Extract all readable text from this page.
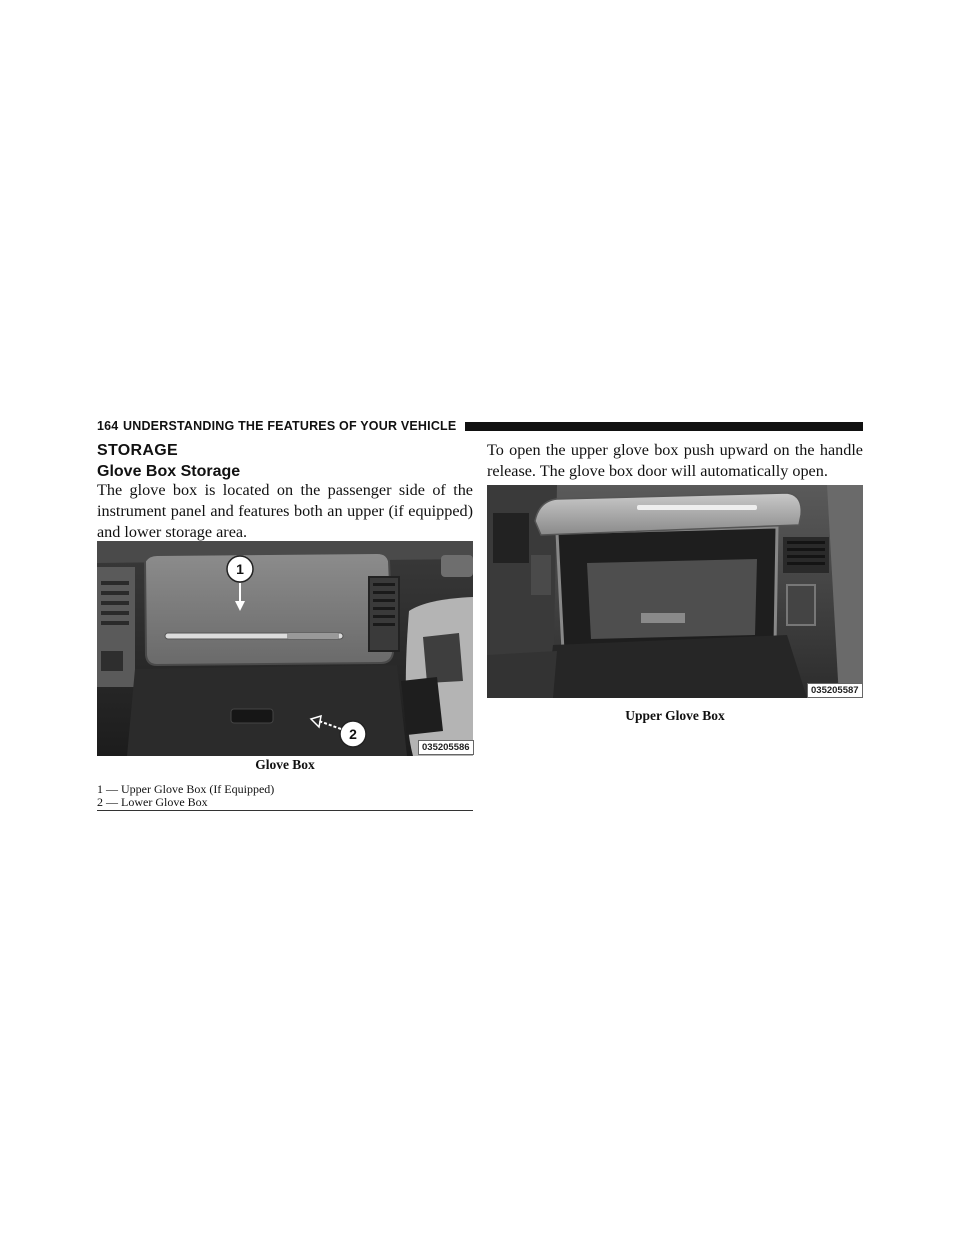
164 UNDERSTANDING THE FEATURES OF YOUR VEHICLE
STORAGE
Glove Box Storage
The glove box is located on the passenger side of the instrument panel and features both an upper (if equipped) and lower storage area.
To open the upper glove box push upward on the handle release. The glove box door will automatically open.
1
2
035205586
Glove Box
1 — Upper Glove Box (If Equipped)
2 — Lower Glove Box
035205587
Upper Glove Box
